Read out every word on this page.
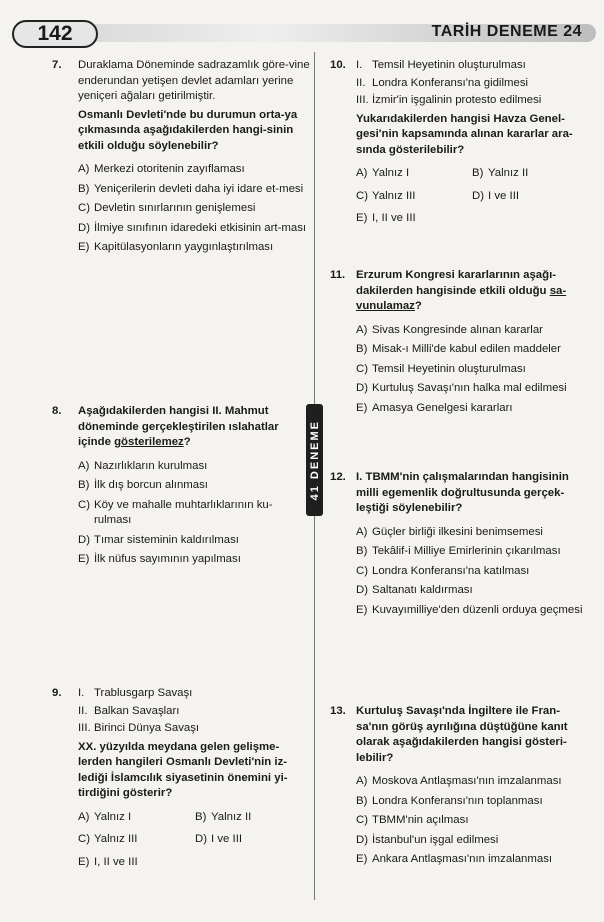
142	TARİH DENEME 24
41 DENEME
7. Duraklama Döneminde sadrazamlık göre-vine enderundan yetişen devlet adamları yerine yeniçeri ağaları getirilmiştir.
Osmanlı Devleti'nde bu durumun orta-ya çıkmasında aşağıdakilerden hangi-sinin etkili olduğu söylenebilir?
A) Merkezi otoritenin zayıflaması
B) Yeniçerilerin devleti daha iyi idare et-mesi
C) Devletin sınırlarının genişlemesi
D) İlmiye sınıfının idaredeki etkisinin art-ması
E) Kapitülasyonların yaygınlaştırılması
8. Aşağıdakilerden hangisi II. Mahmut döneminde gerçekleştirilen ıslahatlar içinde gösterilemez?
A) Nazırlıkların kurulması
B) İlk dış borcun alınması
C) Köy ve mahalle muhtarlıklarının ku-rulması
D) Tımar sisteminin kaldırılması
E) İlk nüfus sayımının yapılması
9. I. Trablusgarp Savaşı
II. Balkan Savaşları
III. Birinci Dünya Savaşı
XX. yüzyılda meydana gelen gelişme-lerden hangileri Osmanlı Devleti'nin iz-lediği İslamcılık siyasetinin önemini yi-tirdiğini gösterir?
A) Yalnız I	B) Yalnız II
C) Yalnız III	D) I ve III
E) I, II ve III
10. I. Temsil Heyetinin oluşturulması
II. Londra Konferansı'na gidilmesi
III. İzmir'in işgalinin protesto edilmesi
Yukarıdakilerden hangisi Havza Genel-gesi'nin kapsamında alınan kararlar ara-sında gösterilebilir?
A) Yalnız I	B) Yalnız II
C) Yalnız III	D) I ve III
E) I, II ve III
11. Erzurum Kongresi kararlarının aşağı-dakilerden hangisinde etkili olduğu sa-vunulamaz?
A) Sivas Kongresinde alınan kararlar
B) Misak-ı Milli'de kabul edilen maddeler
C) Temsil Heyetinin oluşturulması
D) Kurtuluş Savaşı'nın halka mal edilmesi
E) Amasya Genelgesi kararları
12. I. TBMM'nin çalışmalarından hangisinin milli egemenlik doğrultusunda gerçek-leştiği söylenebilir?
A) Güçler birliği ilkesini benimsemesi
B) Tekâlif-i Milliye Emirlerinin çıkarılması
C) Londra Konferansı'na katılması
D) Saltanatı kaldırması
E) Kuvayımilliye'den düzenli orduya geçmesi
13. Kurtuluş Savaşı'nda İngiltere ile Fran-sa'nın görüş ayrılığına düştüğüne kanıt olarak aşağıdakilerden hangisi gösteri-lebilir?
A) Moskova Antlaşması'nın imzalanması
B) Londra Konferansı'nın toplanması
C) TBMM'nin açılması
D) İstanbul'un işgal edilmesi
E) Ankara Antlaşması'nın imzalanması
